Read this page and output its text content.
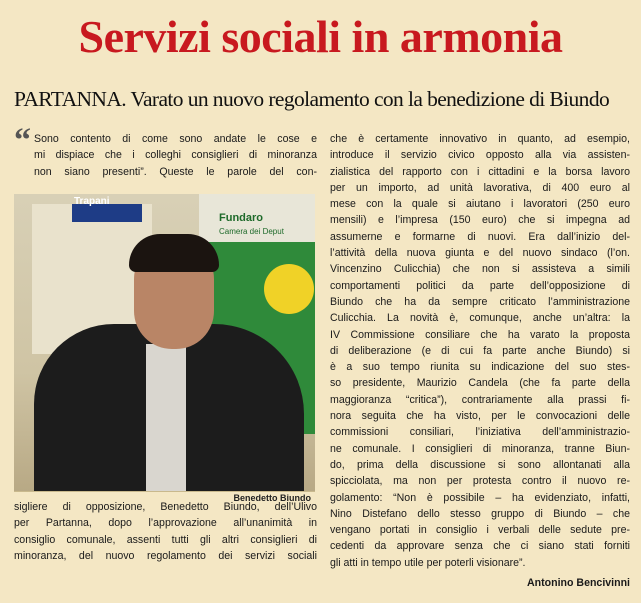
Servizi sociali in armonia
PARTANNA. Varato un nuovo regolamento con la benedizione di Biundo
“ Sono contento di come sono andate le cose e
mi dispiace che i colleghi consiglieri di minoranza
non siano presenti”. Queste le parole del con-
Trapani
Fundaro
Camera dei Deput
Benedetto Biundo
sigliere di opposizione, Benedetto Biundo, dell’Ulivo
per Partanna, dopo l’approvazione all’unanimità in
consiglio comunale, assenti tutti gli altri consiglieri di
minoranza, del nuovo regolamento dei servizi sociali
che è certamente innovativo in quanto, ad esempio,
introduce il servizio civico opposto alla via assisten-
zialistica del rapporto con i cittadini e la borsa lavoro
per un importo, ad unità lavorativa, di 400 euro al
mese con la quale si aiutano i lavoratori (250 euro
mensili) e l’impresa (150 euro) che si impegna ad
assumerne e formarne di nuovi. Era dall’inizio del-
l’attività della nuova giunta e del nuovo sindaco (l’on.
Vincenzino Culicchia) che non si assisteva a simili
comportamenti politici da parte dell’opposizione di
Biundo che ha da sempre criticato l’amministrazione
Culicchia. La novità è, comunque, anche un’altra: la
IV Commissione consiliare che ha varato la proposta
di deliberazione (e di cui fa parte anche Biundo) si
è a suo tempo riunita su indicazione del suo stes-
so presidente, Maurizio Candela (che fa parte della
maggioranza “critica”), contrariamente alla prassi fi-
nora seguita che ha visto, per le convocazioni delle
commissioni consiliari, l’iniziativa dell’amministrazio-
ne comunale. I consiglieri di minoranza, tranne Biun-
do, prima della discussione si sono allontanati alla
spicciolata, ma non per protesta contro il nuovo re-
golamento: “Non è possibile – ha evidenziato, infatti,
Nino Distefano dello stesso gruppo di Biundo – che
vengano portati in consiglio i verbali delle sedute pre-
cedenti da approvare senza che ci siano stati forniti
gli atti in tempo utile per poterli visionare”.
Antonino Bencivinni
